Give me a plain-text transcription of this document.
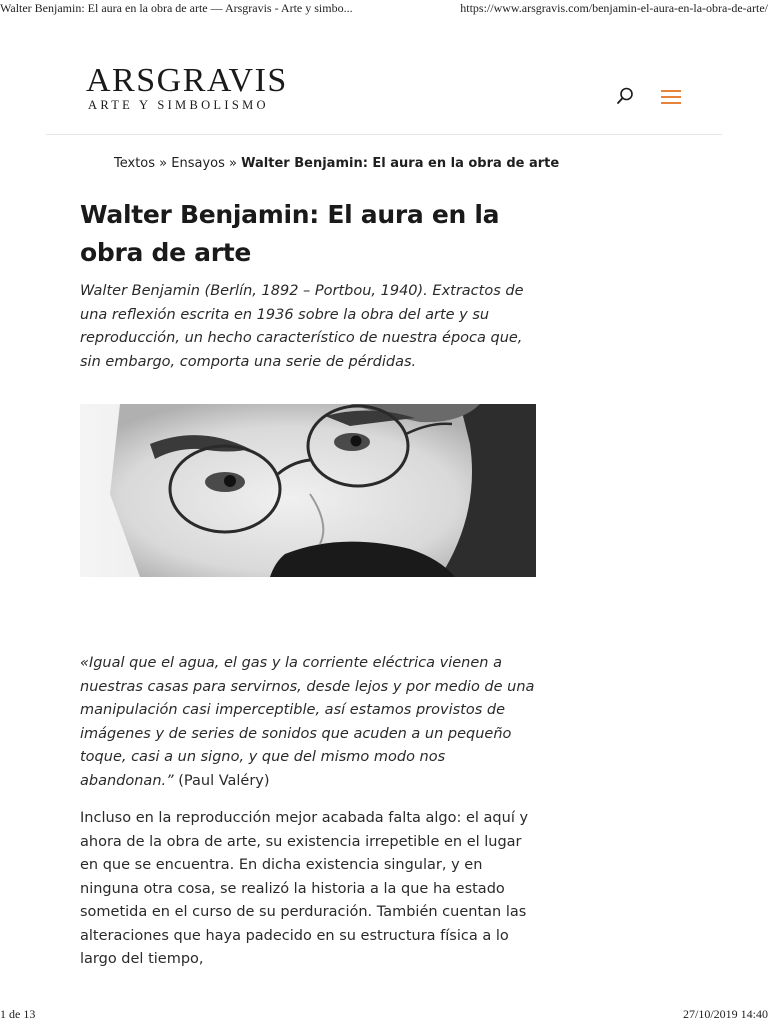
Walter Benjamin: El aura en la obra de arte — Arsgravis - Arte y simbo...	https://www.arsgravis.com/benjamin-el-aura-en-la-obra-de-arte/
ARSGRAVIS
ARTE Y SIMBOLISMO
Textos » Ensayos » Walter Benjamin: El aura en la obra de arte
Walter Benjamin: El aura en la obra de arte

Walter Benjamin (Berlín, 1892 – Portbou, 1940). Extractos de una reflexión escrita en 1936 sobre la obra del arte y su reproducción, un hecho característico de nuestra época que, sin embargo, comporta una serie de pérdidas.

«Igual que el agua, el gas y la corriente eléctrica vienen a nuestras casas para servirnos, desde lejos y por medio de una manipulación casi imperceptible, así estamos provistos de imágenes y de series de sonidos que acuden a un pequeño toque, casi a un signo, y que del mismo modo nos abandonan.” (Paul Valéry)

Incluso en la reproducción mejor acabada falta algo: el aquí y ahora de la obra de arte, su existencia irrepetible en el lugar en que se encuentra. En dicha existencia singular, y en ninguna otra cosa, se realizó la historia a la que ha estado sometida en el curso de su perduración. También cuentan las alteraciones que haya padecido en su estructura física a lo largo del tiempo,

1 de 13	27/10/2019 14:40
